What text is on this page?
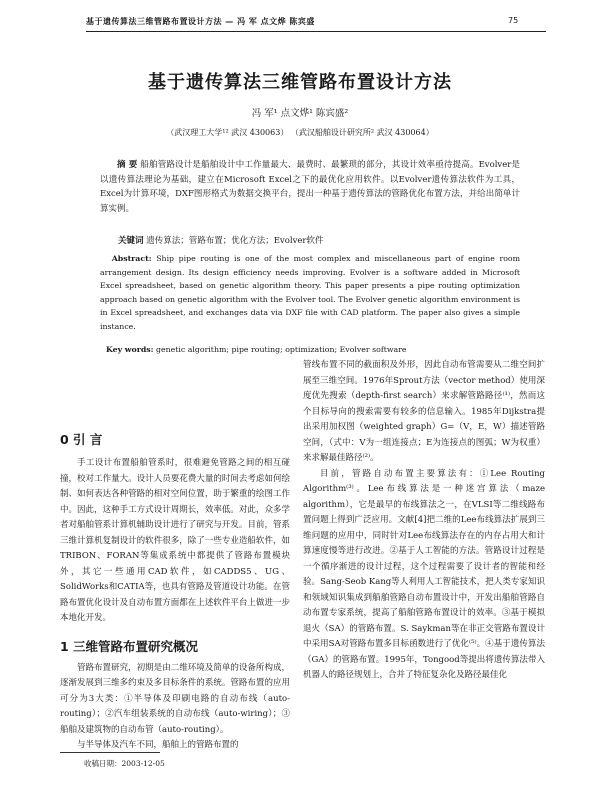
基于遗传算法三维管路布置设计方法 — 冯 军 点文烨 陈宾盛	75
基于遗传算法三维管路布置设计方法
冯 军¹ 点文烨¹ 陈宾盛²
（武汉理工大学¹² 武汉 430063） （武汉船舶设计研究所² 武汉 430064）
摘 要 船舶管路设计是船舶设计中工作量最大、最费时、最繁琐的部分，其设计效率亟待提高。Evolver是以遗传算法理论为基础，建立在Microsoft Excel之下的最优化应用软件。以Evolver遗传算法软件为工具，Excel为计算环境，DXF图形格式为数据交换平台，提出一种基于遗传算法的管路优化布置方法，并给出简单计算实例。
关键词 遗传算法；管路布置；优化方法；Evolver软件
Abstract: Ship pipe routing is one of the most complex and miscellaneous part of engine room arrangement design. Its design efficiency needs improving. Evolver is a software added in Microsoft Excel spreadsheet, based on genetic algorithm theory. This paper presents a pipe routing optimization approach based on genetic algorithm with the Evolver tool. The Evolver genetic algorithm environment is in Excel spreadsheet, and exchanges data via DXF file with CAD platform. The paper also gives a simple instance.
Key words: genetic algorithm; pipe routing; optimization; Evolver software
0 引 言

手工设计布置船舶管系时，很难避免管路之间的相互碰撞，校对工作量大。设计人员要花费大量的时间去考虑如何绘制、如何表达各种管路的相对空间位置，助于繁重的绘图工作中。因此，这种手工方式设计周期长，效率低。对此，众多学者对船舶管系计算机辅助设计进行了研究与开发。目前，管系三维计算机复制设计的软件很多，除了一些专业造船软件，如TRIBON、FORAN等集成系统中都提供了管路布置模块外，其它一些通用CAD软件，如CADDS5、UG、SolidWorks和CATIA等，也具有管路及管道设计功能。在管路布置优化设计及自动布置方面都在上述软件平台上做进一步本地化开发。

1 三维管路布置研究概况

管路布置研究，初期是由二维环境及简单的设备所构成，逐渐发展到三维多约束及多目标条件的系统。管路布置的应用可分为3大类：①半导体及印刷电路的自动布线（auto-routing）；②汽车组装系统的自动布线（auto-wiring）；③船舶及建筑物的自动布管（auto-routing）。

与半导体及汽车不同，船舶上的管路布置的

管线布置不同的截面积及外形，因此自动布管需要从二维空间扩展至三维空间。1976年Sprout方法（vector method）使用深度优先搜索（depth-first search）来求解管路路径⁽¹⁾，然而这个目标导向的搜索需要有较多的信息输入。1985年Dijkstra提出采用加权图（weighted graph）G=（V，E，W）描述管路空间，（式中：V为一组连接点；E为连接点的图弧；W为权重）来求解最佳路径⁽²⁾。

目前，管路自动布置主要算法有：①Lee Routing Algorithm⁽³⁾。Lee布线算法是一种迷宫算法（maze algorithm），它是最早的布线算法之一，在VLSI等二维线路布置问题上得到广泛应用。文献[4]把二维的Lee布线算法扩展到三维问题的应用中，同时针对Lee布线算法存在的内存占用大和计算速度慢等进行改进。②基于人工智能的方法。管路设计过程是一个循序渐进的设计过程，这个过程需要了设计者的智能和经验。Sang-Seob Kang等人利用人工智能技术，把人类专家知识和领域知识集成到船舶管路自动布置设计中，开发出船舶管路自动布置专家系统，提高了船舶管路布置设计的效率。③基于模拟退火（SA）的管路布置。S. Saykman等在非正交管路布置设计中采用SA对管路布置多目标函数进行了优化⁽⁵⁾。④基于遗传算法（GA）的管路布置。1995年，Tongood等提出将遗传算法带入机器人的路径规划上，合并了特征复杂化及路径最佳化

收稿日期：2003-12-05
